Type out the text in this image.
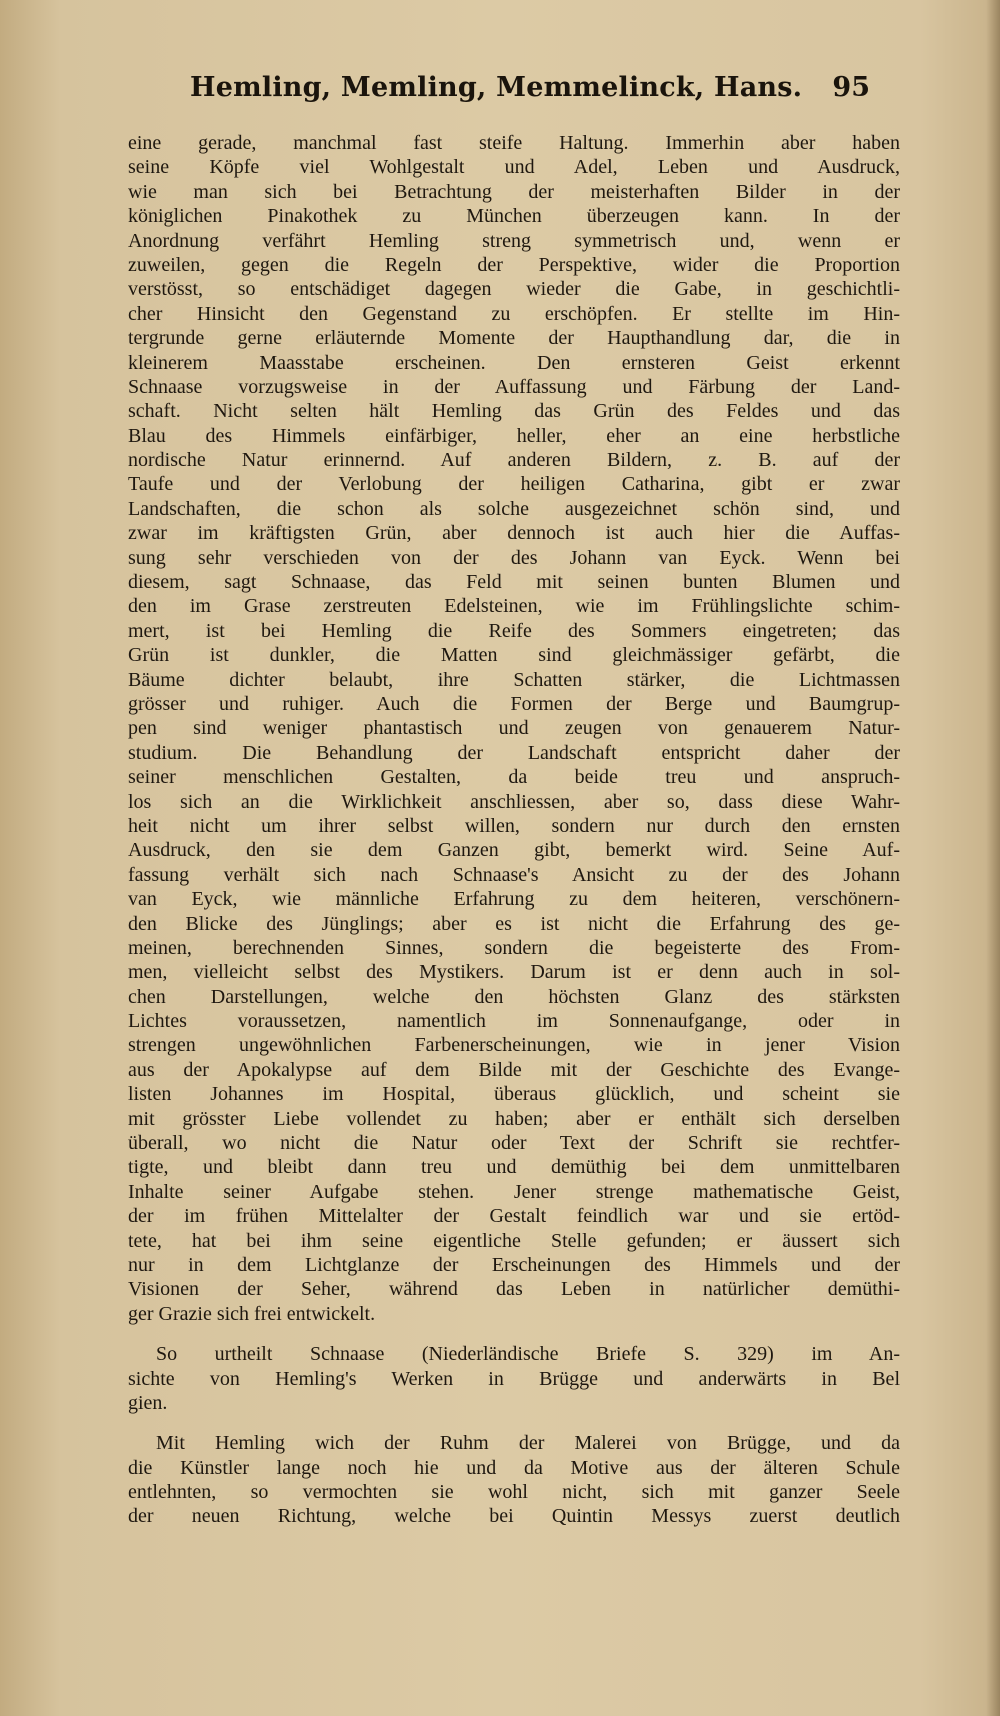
Hemling, Memling, Memmelinck, Hans. 95
eine gerade, manchmal fast steife Haltung. Immerhin aber haben
seine Köpfe viel Wohlgestalt und Adel, Leben und Ausdruck,
wie man sich bei Betrachtung der meisterhaften Bilder in der
königlichen Pinakothek zu München überzeugen kann. In der
Anordnung verfährt Hemling streng symmetrisch und, wenn er
zuweilen, gegen die Regeln der Perspektive, wider die Proportion
verstösst, so entschädiget dagegen wieder die Gabe, in geschichtli-
cher Hinsicht den Gegenstand zu erschöpfen. Er stellte im Hin-
tergrunde gerne erläuternde Momente der Haupthandlung dar, die in
kleinerem Maasstabe erscheinen. Den ernsteren Geist erkennt
Schnaase vorzugsweise in der Auffassung und Färbung der Land-
schaft. Nicht selten hält Hemling das Grün des Feldes und das
Blau des Himmels einfärbiger, heller, eher an eine herbstliche
nordische Natur erinnernd. Auf anderen Bildern, z. B. auf der
Taufe und der Verlobung der heiligen Catharina, gibt er zwar
Landschaften, die schon als solche ausgezeichnet schön sind, und
zwar im kräftigsten Grün, aber dennoch ist auch hier die Auffas-
sung sehr verschieden von der des Johann van Eyck. Wenn bei
diesem, sagt Schnaase, das Feld mit seinen bunten Blumen und
den im Grase zerstreuten Edelsteinen, wie im Frühlingslichte schim-
mert, ist bei Hemling die Reife des Sommers eingetreten; das
Grün ist dunkler, die Matten sind gleichmässiger gefärbt, die
Bäume dichter belaubt, ihre Schatten stärker, die Lichtmassen
grösser und ruhiger. Auch die Formen der Berge und Baumgrup-
pen sind weniger phantastisch und zeugen von genauerem Natur-
studium. Die Behandlung der Landschaft entspricht daher der
seiner menschlichen Gestalten, da beide treu und anspruch-
los sich an die Wirklichkeit anschliessen, aber so, dass diese Wahr-
heit nicht um ihrer selbst willen, sondern nur durch den ernsten
Ausdruck, den sie dem Ganzen gibt, bemerkt wird. Seine Auf-
fassung verhält sich nach Schnaase's Ansicht zu der des Johann
van Eyck, wie männliche Erfahrung zu dem heiteren, verschönern-
den Blicke des Jünglings; aber es ist nicht die Erfahrung des ge-
meinen, berechnenden Sinnes, sondern die begeisterte des From-
men, vielleicht selbst des Mystikers. Darum ist er denn auch in sol-
chen Darstellungen, welche den höchsten Glanz des stärksten
Lichtes voraussetzen, namentlich im Sonnenaufgange, oder in
strengen ungewöhnlichen Farbenerscheinungen, wie in jener Vision
aus der Apokalypse auf dem Bilde mit der Geschichte des Evange-
listen Johannes im Hospital, überaus glücklich, und scheint sie
mit grösster Liebe vollendet zu haben; aber er enthält sich derselben
überall, wo nicht die Natur oder Text der Schrift sie rechtfer-
tigte, und bleibt dann treu und demüthig bei dem unmittelbaren
Inhalte seiner Aufgabe stehen. Jener strenge mathematische Geist,
der im frühen Mittelalter der Gestalt feindlich war und sie ertöd-
tete, hat bei ihm seine eigentliche Stelle gefunden; er äussert sich
nur in dem Lichtglanze der Erscheinungen des Himmels und der
Visionen der Seher, während das Leben in natürlicher demüthi-
ger Grazie sich frei entwickelt.
So urtheilt Schnaase (Niederländische Briefe S. 329) im An-
sichte von Hemling's Werken in Brügge und anderwärts in Bel
gien.
Mit Hemling wich der Ruhm der Malerei von Brügge, und da
die Künstler lange noch hie und da Motive aus der älteren Schule
entlehnten, so vermochten sie wohl nicht, sich mit ganzer Seele
der neuen Richtung, welche bei Quintin Messys zuerst deutlich
